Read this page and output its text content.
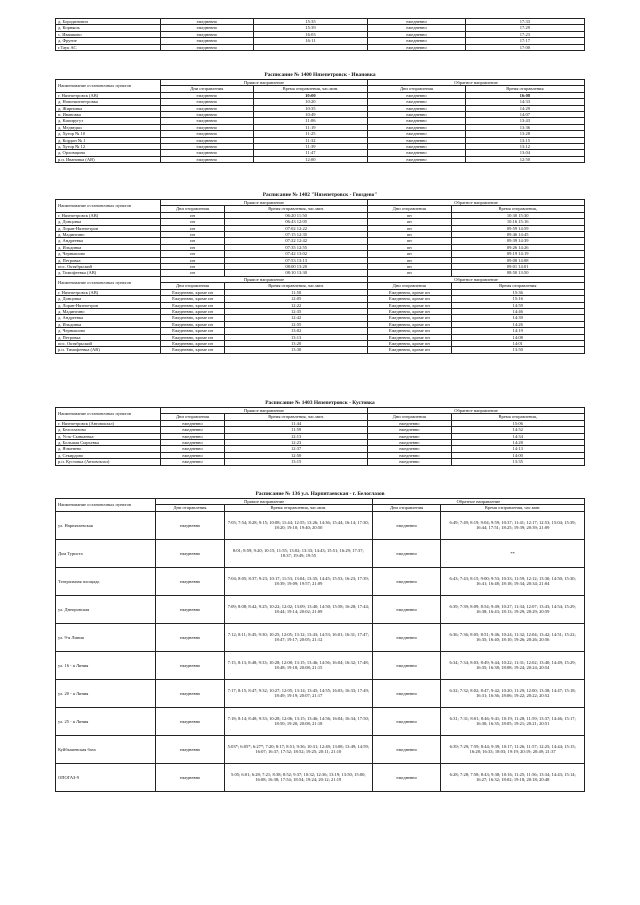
д. Бородинович	ежедневно	15:35	ежедневно	17:33
д. Корняшь	ежедневно	15:39	ежедневно	17:29
с. Ивашково	ежедневно	16:03	ежедневно	17:23
д. Фрунзе	ежедневно	16:11	ежедневно	17:17
г.Таук АС	ежедневно		ежедневно	17:00
Расписание № 1400 Нязепетровск - Ивановка
Наименование остановочных пунктов	Прямое направление		Обратное направление	
	Дни отправления	Время отправления, час.мин.	Дни отправления	Время отправления
г. Нязепетровск (АВ)	ежедневно	10:00	ежедневно	16:08
д. Новонязепетровка	ежедневно	10:20	ежедневно	14:33
д. Жирновка	ежедневно	10:35	ежедневно	14:29
п. Ивановка	ежедневно	10:49	ежедневно	14:07
д. Кипиругут	ежедневно	11:06	ежедневно	13:43
д. Медведки	ежедневно	11:19	ежедневно	13:36
д. Хутор № 10	ежедневно	11:25	ежедневно	13:28
д. Кордон № 1	ежедневно	11:32	ежедневно	13:15
д. Хутор № 12	ежедневно	11:39	ежедневно	13:12
д. Орловщина	ежедневно	11:47	ежедневно	13:04
р.п. Ивановка (АВ)	ежедневно	12:00	ежедневно	12:50
Расписание № 1402 "Нязепетровск - Гвоздево"
Наименование остановочных пунктов	Прямое направление		Обратное направление	
	Дни отправления	Время отправления, час.мин.	Дни отправления	Время отправления,
г. Нязепетровск (АВ)	пн	06:20 11:50	пн	10:30 15:30
д. Донцовка	пн	06:43 12:05	пн	10:16 15:16
д. Лоран-Нязепетров	пн	07:02 12:22	пн	09:59 14:59
д. Мадингино	пн	07:15 12:35	пн	09:46 14:45
д. Андреевка	пн	07:22 12:42	пн	09:39 14:39
д. Ильдинка	пн	07:35 12:55	пн	09:26 14:26
д. Чернышово	пн	07:42 13:02	пн	09:19 14:19
д. Петровка	пн	07:53 13:13	пн	09:08 14:08
пос. Октябрьский	пн	08:00 13:20	пн	09:01 14:01
д. Тимофеевка (АВ)	пн	08:10 13:30	пн	08:50 13:50
Наименование остановочных пунктов	Прямое направление		Обратное направление	
	Дни отправления	Время отправления, час.мин.	Дни отправления	Время отправления
г. Нязепетровск (АВ)	Ежедневно, кроме пн	11:50	Ежедневно, кроме пн	15:36
д. Донцовка	Ежедневно, кроме пн	12:05	Ежедневно, кроме пн	15:16
д. Лоран-Нязепетров	Ежедневно, кроме пн	12:22	Ежедневно, кроме пн	14:59
д. Мадингино	Ежедневно, кроме пн	12:35	Ежедневно, кроме пн	14:46
д. Андреевка	Ежедневно, кроме пн	12:42	Ежедневно, кроме пн	14:39
д. Ильдинка	Ежедневно, кроме пн	12:55	Ежедневно, кроме пн	14:26
д. Чернышово	Ежедневно, кроме пн	13:02	Ежедневно, кроме пн	14:19
д. Петровка	Ежедневно, кроме пн	13:13	Ежедневно, кроме пн	14:08
пос. Октябрьский	Ежедневно, кроме пн	13:20	Ежедневно, кроме пн	14:01
р.п. Тимофеевка (АВ)	Ежедневно, кроме пн	13:30	Ежедневно, кроме пн	13:50
Расписание № 1403 Нязепетровск - Кустовка
Наименование остановочных пунктов	Прямое направление		Обратное направление	
	Дни отправления	Время отправления, час.мин.	Дни отправления	Время отправления,
г. Нязепетровск (Автовокзал)	ежедневно	11:44	ежедневно	15:06
д. Белоглазово	ежедневно	11:59	ежедневно	14:52
д. Усть-Сынкаевка	ежедневно	12:13	ежедневно	14:34
д. Большая Сырьевка	ежедневно	12:23	ежедневно	14:28
д. Ячменево	ежедневно	12:37	ежедневно	14:13
д. Секирдово	ежедневно	12:50	ежедневно	14:00
р.п. Кустовка (Автовокзал)	ежедневно	13:15	ежедневно	13:35
Расписание № 136 у.л. Нарпятаевская - г. Белоглазов
Наименование остановочных пунктов	Прямое направление		Обратное направление	
	Дни отправления	Время отправления, час.мин.	Дни отправления	Время отправления, час.мин.
ул. Нарпятаевская	ежедневно	7:05; 7:54; 8:28; 9:15; 10:08; 11:44; 12:55; 13:26; 14:36; 15:44; 16:14; 17:30; 18:20; 19:10; 19:40; 20:50	ежедневно	6:49; 7:49; 8:19; 9:04; 9:59; 10:37; 11:41; 12:17; 12:53; 15:04; 15:39; 16:44; 17:51; 18:25; 19:39; 20:39; 21:09
Дом Туриста	ежедневно	8:01; 8:59; 9:20; 10:15; 11:55; 13:02; 13:33; 14:43; 15:51; 16:29; 17:37; 18:37; 19:49; 19:55	ежедневно	**
Театральная площадь	ежедневно	7:04; 8:05; 8:37; 9:23; 10:17; 11:53; 13:04; 13:35; 14:45; 15:53; 16:23; 17:39; 18:39; 19:09; 19:57; 21:09	ежедневно	6:43; 7:43; 8:15; 9:00; 9:53; 10:33; 11:59; 12:12; 13:30; 14:50; 15:30; 16:41; 16:48; 18:18; 19:34; 20:34; 21:04
ул. Днепровская	ежедневно	7:09; 8:08; 8:42; 9:25; 10:22; 12:02; 13:09; 13:40; 14:50; 15:58; 16:28; 17:44; 18:44; 19:14; 20:02; 21:09	ежедневно	6:39; 7:39; 8:09; 8:54; 9:49; 10:27; 11:34; 12:07; 13:43; 14:54; 15:29; 16:38; 16:43; 18:13; 19:29; 20:29; 20:59
ул. 9-я Линия	ежедневно	7:12; 8:11; 8:45; 9:30; 10:25; 12:05; 13:12; 13:43; 14:53; 16:01; 16:31; 17:47; 18:47; 19:17; 20:05; 21:12	ежедневно	6:36; 7:36; 8:05; 8:51; 9:46; 10:24; 11:32; 12:04; 13:42; 14:51; 15:22; 16:35; 16:40; 18:10; 19:26; 20:26; 20:56
ул. 16 - я Линия	ежедневно	7:15, 8:13; 8:48; 9:33; 10:28; 12:08; 13:15; 13:46; 14:56; 16:04; 16:32; 17:48; 18:48; 19:18; 20:08; 21:15	ежедневно	6:34; 7:34; 8:03; 8:49; 9:44; 10:22; 11:31; 12:02; 13:40; 14:49; 15:29; 16:35; 16:38; 18:08; 19:24; 20:24; 20:54
ул. 20 - я Линия	ежедневно	7:17; 8:15; 8:47; 9:32; 10:27; 12:05; 13:14; 13:45; 14:55; 16:03; 16:33; 17:49; 18:49; 19:19; 20:07; 21:17	ежедневно	6:32; 7:32; 8:02; 8:47; 9:42; 10:20; 11:29; 12:00; 13:38; 14:47; 15:18; 16:31; 16:36; 18:06; 19:22; 20:22; 20:52
ул. 25 - я Линия	ежедневно	7:18; 8:14; 8:48; 9:33; 10:28; 12:06; 13:15; 13:46; 14:56; 16:04; 16:34; 17:50; 18:50; 19:20; 20:08; 21:18	ежедневно	6:31; 7:31; 8:01; 8:46; 9:41; 10:19; 11:28; 11:59; 13:37; 14:46; 15:17; 16:30; 16:35; 18:05; 19:21; 20:21; 20:51
Куйбышевская база	ежедневно	5:03*; 6:05*; 6:27*; 7:20; 8:17; 8:51; 9:36; 10:31; 12:49; 13:08; 13:49; 14:59; 16:07; 16:37; 17:52; 18:52; 19:25; 20:11; 21:10	ежедневно	6:39; 7:29; 7:59; 8:44; 9:39; 10:17; 11:26; 11:57; 12:25; 14:44; 15:15; 16:28; 16:33; 18:03; 19:19; 20:19; 20:49; 21:37
ОПОГАЗ-9	ежедневно	5:05; 6:01; 6:28; 7:21; 8:38; 8:52; 9:37; 10:32; 12:36; 13:19; 13:50; 15:00; 16:08; 16:38; 17:54; 18:54; 19:24; 20:12; 21:19	ежедневно	6:28; 7:28; 7:58; 8:43; 9:38; 10:16; 11:25; 11:56; 13:34; 14:43; 15:14; 16:27; 16:32; 18:02; 19:18; 20:18; 20:48
